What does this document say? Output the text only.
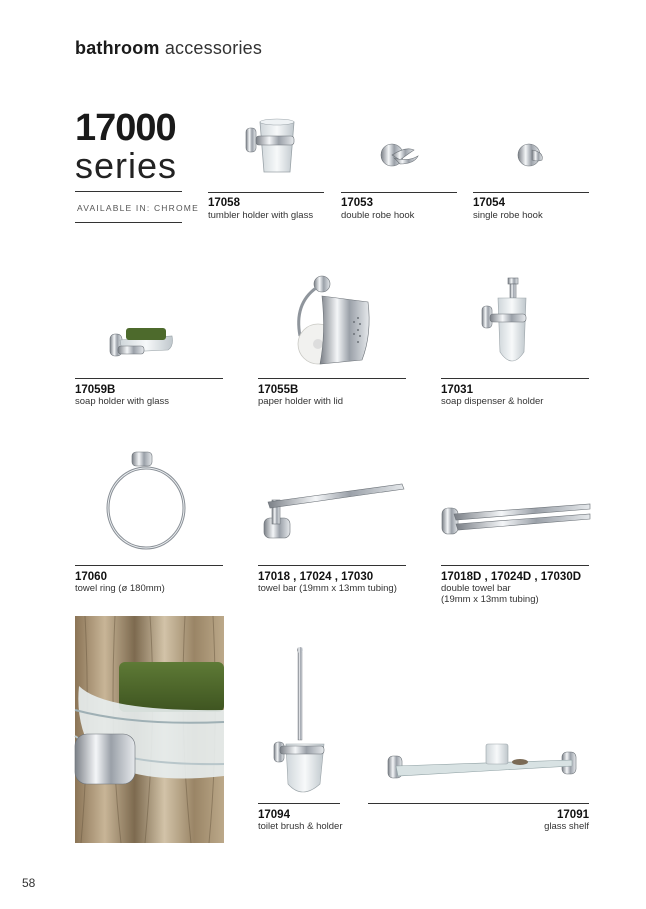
bathroom accessories
17000
series
AVAILABLE IN: CHROME 17058
tumbler holder with glass
17053
double robe hook
17054
single robe hook
17059B
soap holder with glass
17055B
paper holder with lid
17031
soap dispenser & holder
17060
towel ring (ø 180mm)
17018 , 17024 , 17030
towel bar (19mm x 13mm tubing)
17018D , 17024D , 17030D
double towel bar
(19mm x 13mm tubing)
17094
toilet brush & holder
17091
glass shelf
58
